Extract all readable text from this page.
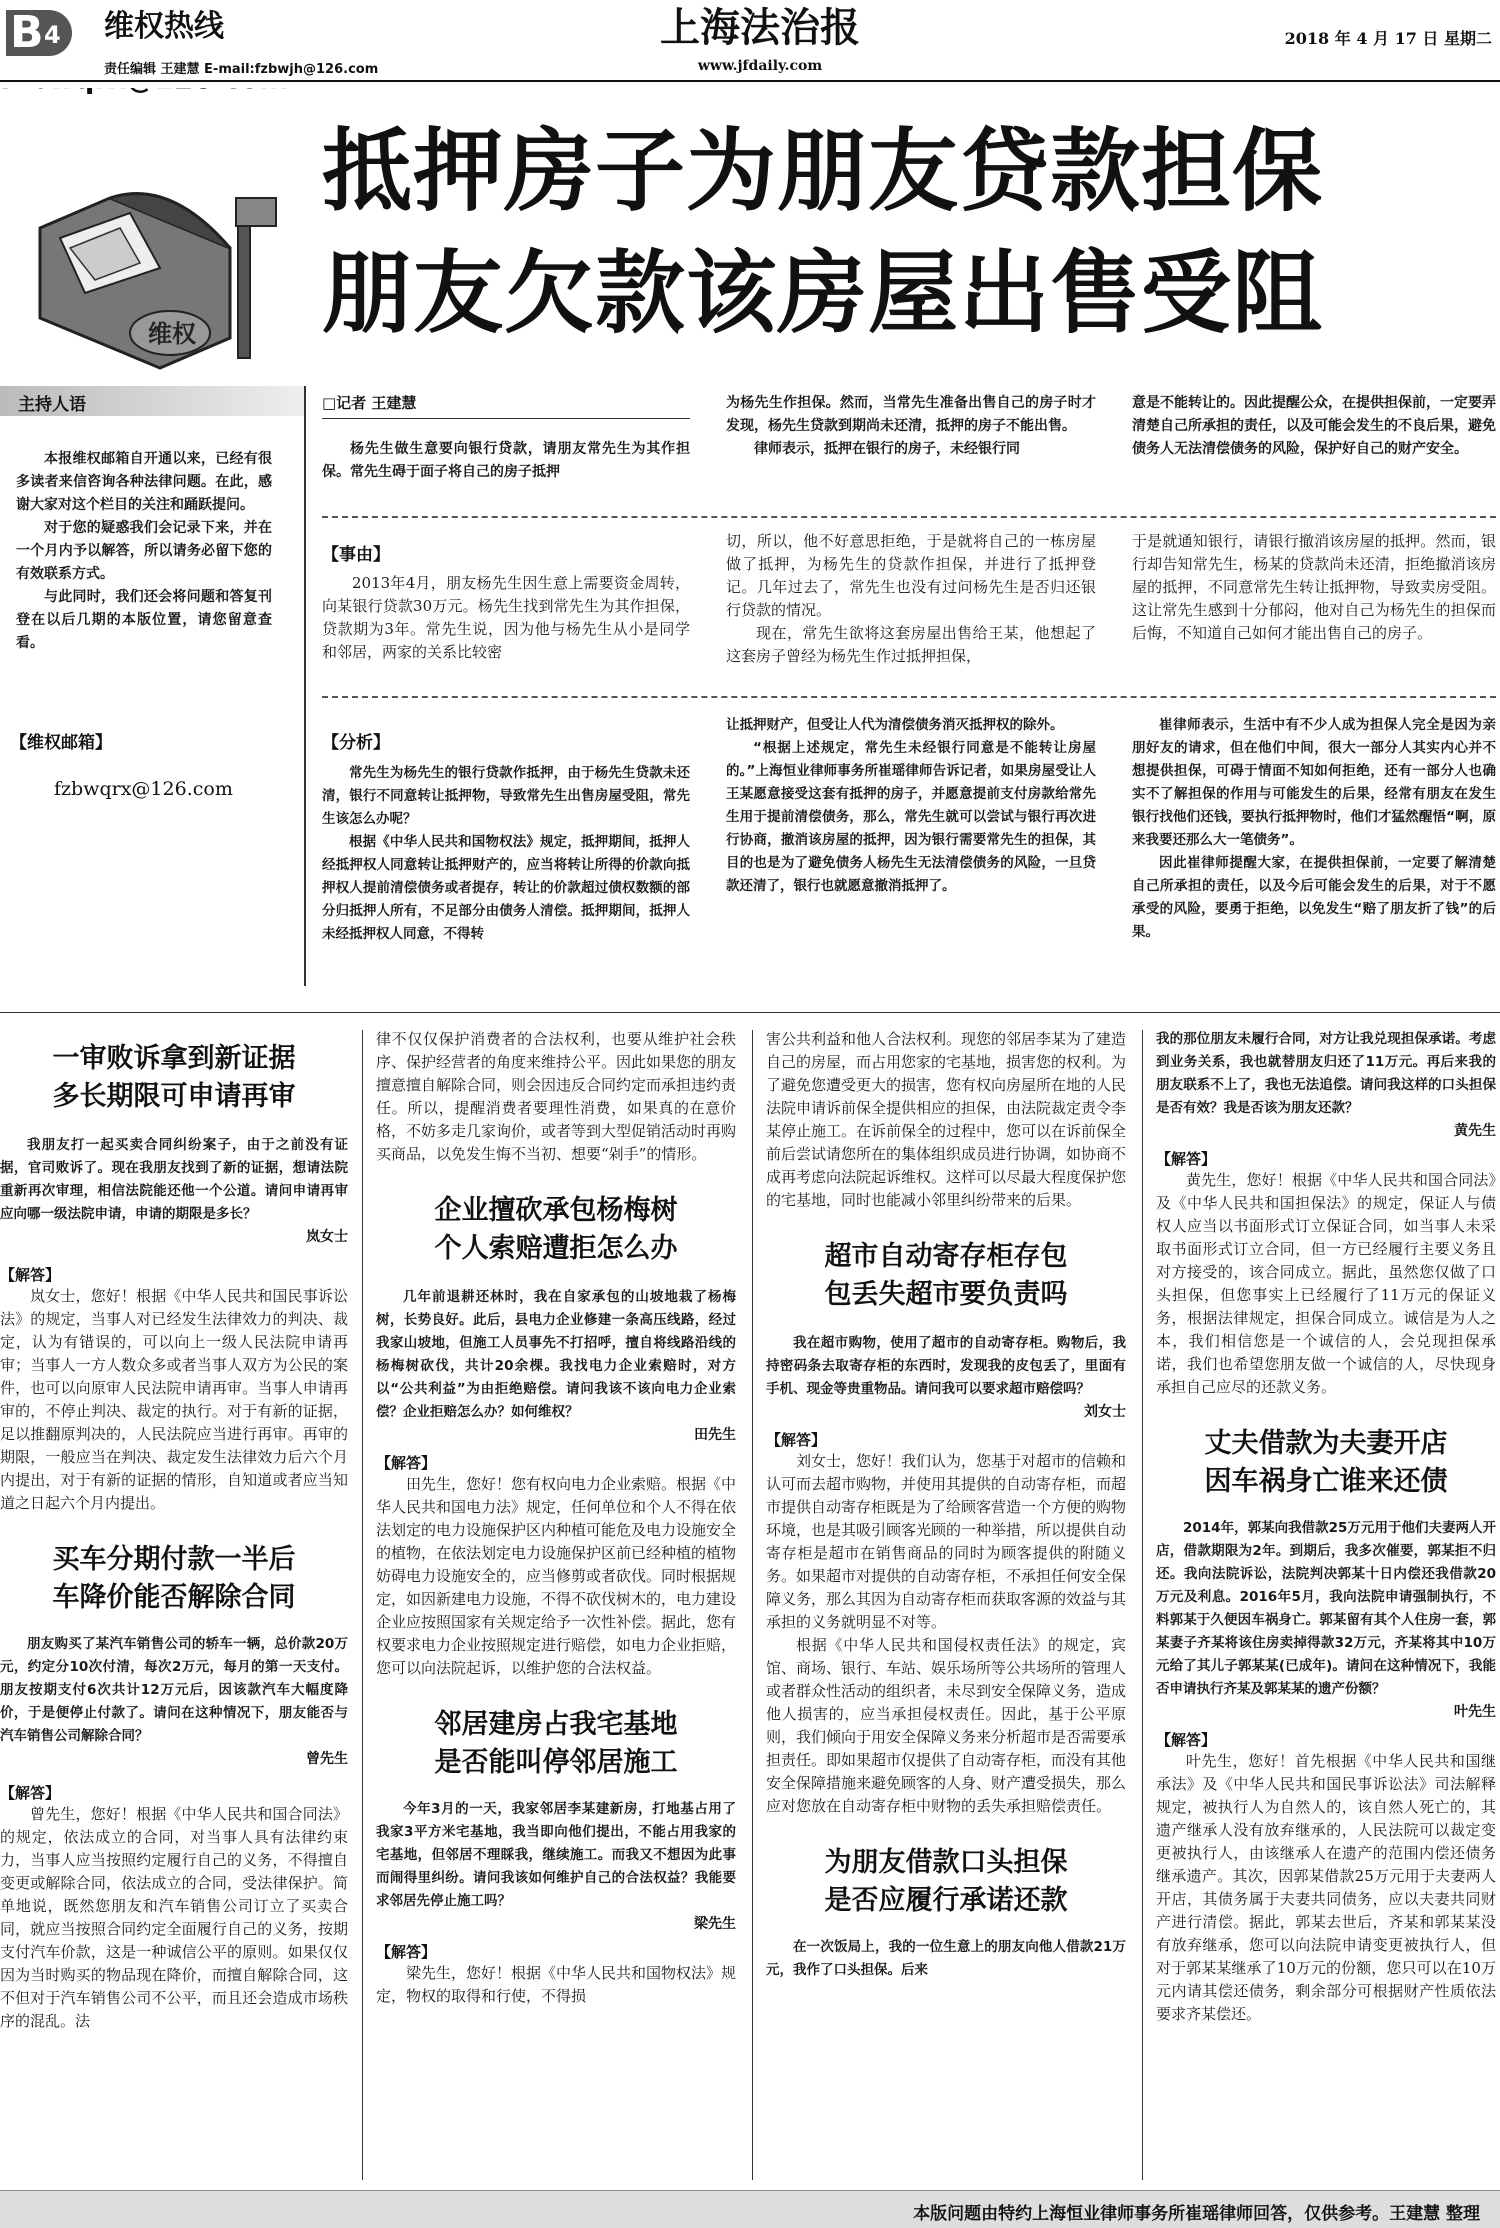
B 4 维权热线
责任编辑 王建慧 E-mail:fzbwjh@126.com
上海法治报
www.jfdaily.com
2018 年 4 月 17 日 星期二
维权
抵押房子为朋友贷款担保
朋友欠款该房屋出售受阻
主持人语

本报维权邮箱自开通以来，已经有很多读者来信咨询各种法律问题。在此，感谢大家对这个栏目的关注和踊跃提问。

对于您的疑惑我们会记录下来，并在一个月内予以解答，所以请务必留下您的有效联系方式。

与此同时，我们还会将问题和答复刊登在以后几期的本版位置，请您留意查看。

【维权邮箱】
fzbwqrx@126.com
□记者 王建慧

杨先生做生意要向银行贷款，请朋友常先生为其作担保。常先生碍于面子将自己的房子抵押

为杨先生作担保。然而，当常先生准备出售自己的房子时才发现，杨先生贷款到期尚未还清，抵押的房子不能出售。

律师表示，抵押在银行的房子，未经银行同

意是不能转让的。因此提醒公众，在提供担保前，一定要弄清楚自己所承担的责任，以及可能会发生的不良后果，避免债务人无法清偿债务的风险，保护好自己的财产安全。

【事由】

2013年4月，朋友杨先生因生意上需要资金周转，向某银行贷款30万元。杨先生找到常先生为其作担保，贷款期为3年。常先生说，因为他与杨先生从小是同学和邻居，两家的关系比较密

切，所以，他不好意思拒绝，于是就将自己的一栋房屋做了抵押，为杨先生的贷款作担保，并进行了抵押登记。几年过去了，常先生也没有过问杨先生是否归还银行贷款的情况。

现在，常先生欲将这套房屋出售给王某，他想起了这套房子曾经为杨先生作过抵押担保，

于是就通知银行，请银行撤消该房屋的抵押。然而，银行却告知常先生，杨某的贷款尚未还清，拒绝撤消该房屋的抵押，不同意常先生转让抵押物，导致卖房受阻。这让常先生感到十分郁闷，他对自己为杨先生的担保而后悔，不知道自己如何才能出售自己的房子。

【分析】

常先生为杨先生的银行贷款作抵押，由于杨先生贷款未还清，银行不同意转让抵押物，导致常先生出售房屋受阻，常先生该怎么办呢？

根据《中华人民共和国物权法》规定，抵押期间，抵押人经抵押权人同意转让抵押财产的，应当将转让所得的价款向抵押权人提前清偿债务或者提存，转让的价款超过债权数额的部分归抵押人所有，不足部分由债务人清偿。抵押期间，抵押人未经抵押权人同意，不得转

让抵押财产，但受让人代为清偿债务消灭抵押权的除外。

“根据上述规定，常先生未经银行同意是不能转让房屋的。”上海恒业律师事务所崔瑶律师告诉记者，如果房屋受让人王某愿意接受这套有抵押的房子，并愿意提前支付房款给常先生用于提前清偿债务，那么，常先生就可以尝试与银行再次进行协商，撤消该房屋的抵押，因为银行需要常先生的担保，其目的也是为了避免债务人杨先生无法清偿债务的风险，一旦贷款还清了，银行也就愿意撤消抵押了。

崔律师表示，生活中有不少人成为担保人完全是因为亲朋好友的请求，但在他们中间，很大一部分人其实内心并不想提供担保，可碍于情面不知如何拒绝，还有一部分人也确实不了解担保的作用与可能发生的后果，经常有朋友在发生银行找他们还钱，要执行抵押物时，他们才猛然醒悟“啊，原来我要还那么大一笔债务”。

因此崔律师提醒大家，在提供担保前，一定要了解清楚自己所承担的责任，以及今后可能会发生的后果，对于不愿承受的风险，要勇于拒绝，以免发生“赔了朋友折了钱”的后果。

一审败诉拿到新证据
多长期限可申请再审

我朋友打一起买卖合同纠纷案子，由于之前没有证据，官司败诉了。现在我朋友找到了新的证据，想请法院重新再次审理，相信法院能还他一个公道。请问申请再审应向哪一级法院申请，申请的期限是多长？

岚女士
【解答】

岚女士，您好！根据《中华人民共和国民事诉讼法》的规定，当事人对已经发生法律效力的判决、裁定，认为有错误的，可以向上一级人民法院申请再审；当事人一方人数众多或者当事人双方为公民的案件，也可以向原审人民法院申请再审。当事人申请再审的，不停止判决、裁定的执行。对于有新的证据，足以推翻原判决的，人民法院应当进行再审。再审的期限，一般应当在判决、裁定发生法律效力后六个月内提出，对于有新的证据的情形，自知道或者应当知道之日起六个月内提出。

买车分期付款一半后
车降价能否解除合同

朋友购买了某汽车销售公司的轿车一辆，总价款20万元，约定分10次付清，每次2万元，每月的第一天支付。朋友按期支付6次共计12万元后，因该款汽车大幅度降价，于是便停止付款了。请问在这种情况下，朋友能否与汽车销售公司解除合同？

曾先生
【解答】

曾先生，您好！根据《中华人民共和国合同法》的规定，依法成立的合同，对当事人具有法律约束力，当事人应当按照约定履行自己的义务，不得擅自变更或解除合同，依法成立的合同，受法律保护。简单地说，既然您朋友和汽车销售公司订立了买卖合同，就应当按照合同约定全面履行自己的义务，按期支付汽车价款，这是一种诚信公平的原则。如果仅仅因为当时购买的物品现在降价，而擅自解除合同，这不但对于汽车销售公司不公平，而且还会造成市场秩序的混乱。法

律不仅仅保护消费者的合法权利，也要从维护社会秩序、保护经营者的角度来维持公平。因此如果您的朋友擅意擅自解除合同，则会因违反合同约定而承担违约责任。所以，提醒消费者要理性消费，如果真的在意价格，不妨多走几家询价，或者等到大型促销活动时再购买商品，以免发生悔不当初、想要“剁手”的情形。

企业擅砍承包杨梅树
个人索赔遭拒怎么办

几年前退耕还林时，我在自家承包的山坡地栽了杨梅树，长势良好。此后，县电力企业修建一条高压线路，经过我家山坡地，但施工人员事先不打招呼，擅自将线路沿线的杨梅树砍伐，共计20余棵。我找电力企业索赔时，对方以“公共利益”为由拒绝赔偿。请问我该不该向电力企业索偿？企业拒赔怎么办？如何维权？

田先生
【解答】

田先生，您好！您有权向电力企业索赔。根据《中华人民共和国电力法》规定，任何单位和个人不得在依法划定的电力设施保护区内种植可能危及电力设施安全的植物，在依法划定电力设施保护区前已经种植的植物妨碍电力设施安全的，应当修剪或者砍伐。同时根据规定，如因新建电力设施，不得不砍伐树木的，电力建设企业应按照国家有关规定给予一次性补偿。据此，您有权要求电力企业按照规定进行赔偿，如电力企业拒赔，您可以向法院起诉，以维护您的合法权益。

邻居建房占我宅基地
是否能叫停邻居施工

今年3月的一天，我家邻居李某建新房，打地基占用了我家3平方米宅基地，我当即向他们提出，不能占用我家的宅基地，但邻居不理睬我，继续施工。而我又不想因为此事而闹得里纠纷。请问我该如何维护自己的合法权益？我能要求邻居先停止施工吗？

梁先生
【解答】

梁先生，您好！根据《中华人民共和国物权法》规定，物权的取得和行使，不得损

害公共利益和他人合法权利。现您的邻居李某为了建造自己的房屋，而占用您家的宅基地，损害您的权利。为了避免您遭受更大的损害，您有权向房屋所在地的人民法院申请诉前保全提供相应的担保，由法院裁定责令李某停止施工。在诉前保全的过程中，您可以在诉前保全前后尝试请您所在的集体组织成员进行协调，如协商不成再考虑向法院起诉维权。这样可以尽最大程度保护您的宅基地，同时也能减小邻里纠纷带来的后果。

超市自动寄存柜存包
包丢失超市要负责吗

我在超市购物，使用了超市的自动寄存柜。购物后，我持密码条去取寄存柜的东西时，发现我的皮包丢了，里面有手机、现金等贵重物品。请问我可以要求超市赔偿吗？

刘女士
【解答】

刘女士，您好！我们认为，您基于对超市的信赖和认可而去超市购物，并使用其提供的自动寄存柜，而超市提供自动寄存柜既是为了给顾客营造一个方便的购物环境，也是其吸引顾客光顾的一种举措，所以提供自动寄存柜是超市在销售商品的同时为顾客提供的附随义务。如果超市对提供的自动寄存柜，不承担任何安全保障义务，那么其因为自动寄存柜而获取客源的效益与其承担的义务就明显不对等。

根据《中华人民共和国侵权责任法》的规定，宾馆、商场、银行、车站、娱乐场所等公共场所的管理人或者群众性活动的组织者，未尽到安全保障义务，造成他人损害的，应当承担侵权责任。因此，基于公平原则，我们倾向于用安全保障义务来分析超市是否需要承担责任。即如果超市仅提供了自动寄存柜，而没有其他安全保障措施来避免顾客的人身、财产遭受损失，那么应对您放在自动寄存柜中财物的丢失承担赔偿责任。

为朋友借款口头担保
是否应履行承诺还款

在一次饭局上，我的一位生意上的朋友向他人借款21万元，我作了口头担保。后来

我的那位朋友未履行合同，对方让我兑现担保承诺。考虑到业务关系，我也就替朋友归还了11万元。再后来我的朋友联系不上了，我也无法追偿。请问我这样的口头担保是否有效？我是否该为朋友还款？

黄先生
【解答】

黄先生，您好！根据《中华人民共和国合同法》及《中华人民共和国担保法》的规定，保证人与债权人应当以书面形式订立保证合同，如当事人未采取书面形式订立合同，但一方已经履行主要义务且对方接受的，该合同成立。据此，虽然您仅做了口头担保，但您事实上已经履行了11万元的保证义务，根据法律规定，担保合同成立。诚信是为人之本，我们相信您是一个诚信的人，会兑现担保承诺，我们也希望您朋友做一个诚信的人，尽快现身承担自己应尽的还款义务。

丈夫借款为夫妻开店
因车祸身亡谁来还债

2014年，郭某向我借款25万元用于他们夫妻两人开店，借款期限为2年。到期后，我多次催要，郭某拒不归还。我向法院诉讼，法院判决郭某十日内偿还我借款20万元及利息。2016年5月，我向法院申请强制执行，不料郭某于久便因车祸身亡。郭某留有其个人住房一套，郭某妻子齐某将该住房卖掉得款32万元，齐某将其中10万元给了其儿子郭某某(已成年)。请问在这种情况下，我能否申请执行齐某及郭某某的遗产份额？

叶先生
【解答】

叶先生，您好！首先根据《中华人民共和国继承法》及《中华人民共和国民事诉讼法》司法解释规定，被执行人为自然人的，该自然人死亡的，其遗产继承人没有放弃继承的，人民法院可以裁定变更被执行人，由该继承人在遗产的范围内偿还债务继承遗产。其次，因郭某借款25万元用于夫妻两人开店，其债务属于夫妻共同债务，应以夫妻共同财产进行清偿。据此，郭某去世后，齐某和郭某某没有放弃继承，您可以向法院申请变更被执行人，但对于郭某某继承了10万元的份额，您只可以在10万元内请其偿还债务，剩余部分可根据财产性质依法要求齐某偿还。

本版问题由特约上海恒业律师事务所崔瑶律师回答，仅供参考。王建慧 整理
